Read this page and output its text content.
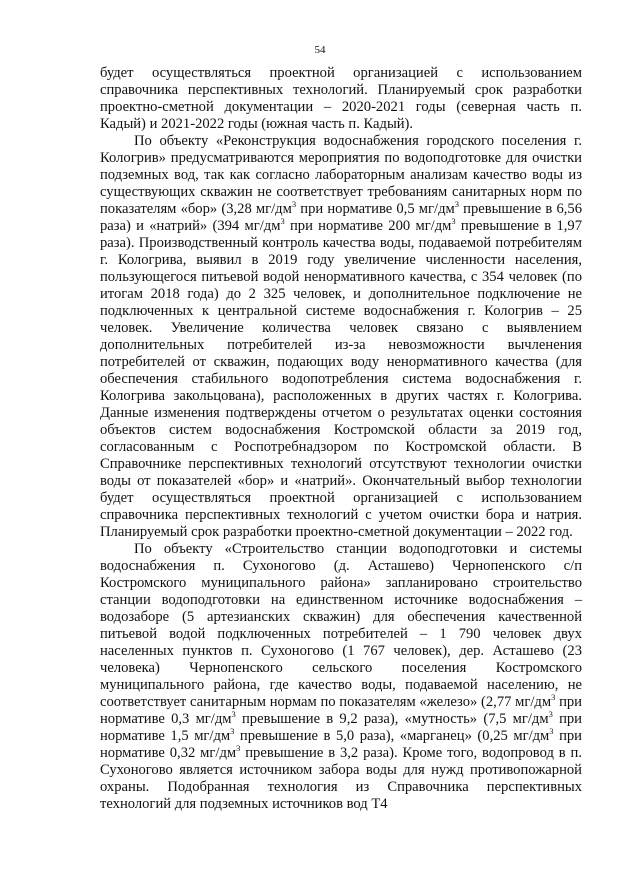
54

будет осуществляться проектной организацией с использованием справочника перспективных технологий. Планируемый срок разработки проектно-сметной документации – 2020-2021 годы (северная часть п. Кадый) и 2021-2022 годы (южная часть п. Кадый).

По объекту «Реконструкция водоснабжения городского поселения г. Кологрив» предусматриваются мероприятия по водоподготовке для очистки подземных вод, так как согласно лабораторным анализам качество воды из существующих скважин не соответствует требованиям санитарных норм по показателям «бор» (3,28 $мг/дм^3$ при нормативе 0,5 $мг/дм^3$ превышение в 6,56 раза) и «натрий» (394 $мг/дм^3$ при нормативе 200 $мг/дм^3$ превышение в 1,97 раза). Производственный контроль качества воды, подаваемой потребителям г. Кологрива, выявил в 2019 году увеличение численности населения, пользующегося питьевой водой ненормативного качества, с 354 человек (по итогам 2018 года) до 2 325 человек, и дополнительное подключение не подключенных к центральной системе водоснабжения г. Кологрив – 25 человек. Увеличение количества человек связано с выявлением дополнительных потребителей из-за невозможности вычленения потребителей от скважин, подающих воду ненормативного качества (для обеспечения стабильного водопотребления система водоснабжения г. Кологрива закольцована), расположенных в других частях г. Кологрива. Данные изменения подтверждены отчетом о результатах оценки состояния объектов систем водоснабжения Костромской области за 2019 год, согласованным с Роспотребнадзором по Костромской области. В Справочнике перспективных технологий отсутствуют технологии очистки воды от показателей «бор» и «натрий». Окончательный выбор технологии будет осуществляться проектной организацией с использованием справочника перспективных технологий с учетом очистки бора и натрия. Планируемый срок разработки проектно-сметной документации – 2022 год.

По объекту «Строительство станции водоподготовки и системы водоснабжения п. Сухоногово (д. Асташево) Чернопенского с/п Костромского муниципального района» запланировано строительство станции водоподготовки на единственном источнике водоснабжения – водозаборе (5 артезианских скважин) для обеспечения качественной питьевой водой подключенных потребителей – 1 790 человек двух населенных пунктов п. Сухоногово (1 767 человек), дер. Асташево (23 человека) Чернопенского сельского поселения Костромского муниципального района, где качество воды, подаваемой населению, не соответствует санитарным нормам по показателям «железо» (2,77 $мг/дм^3$ при нормативе 0,3 $мг/дм^3$ превышение в 9,2 раза), «мутность» (7,5 $мг/дм^3$ при нормативе 1,5 $мг/дм^3$ превышение в 5,0 раза), «марганец» (0,25 $мг/дм^3$ при нормативе 0,32 $мг/дм^3$ превышение в 3,2 раза). Кроме того, водопровод в п. Сухоногово является источником забора воды для нужд противопожарной охраны. Подобранная технология из Справочника перспективных технологий для подземных источников вод Т4
